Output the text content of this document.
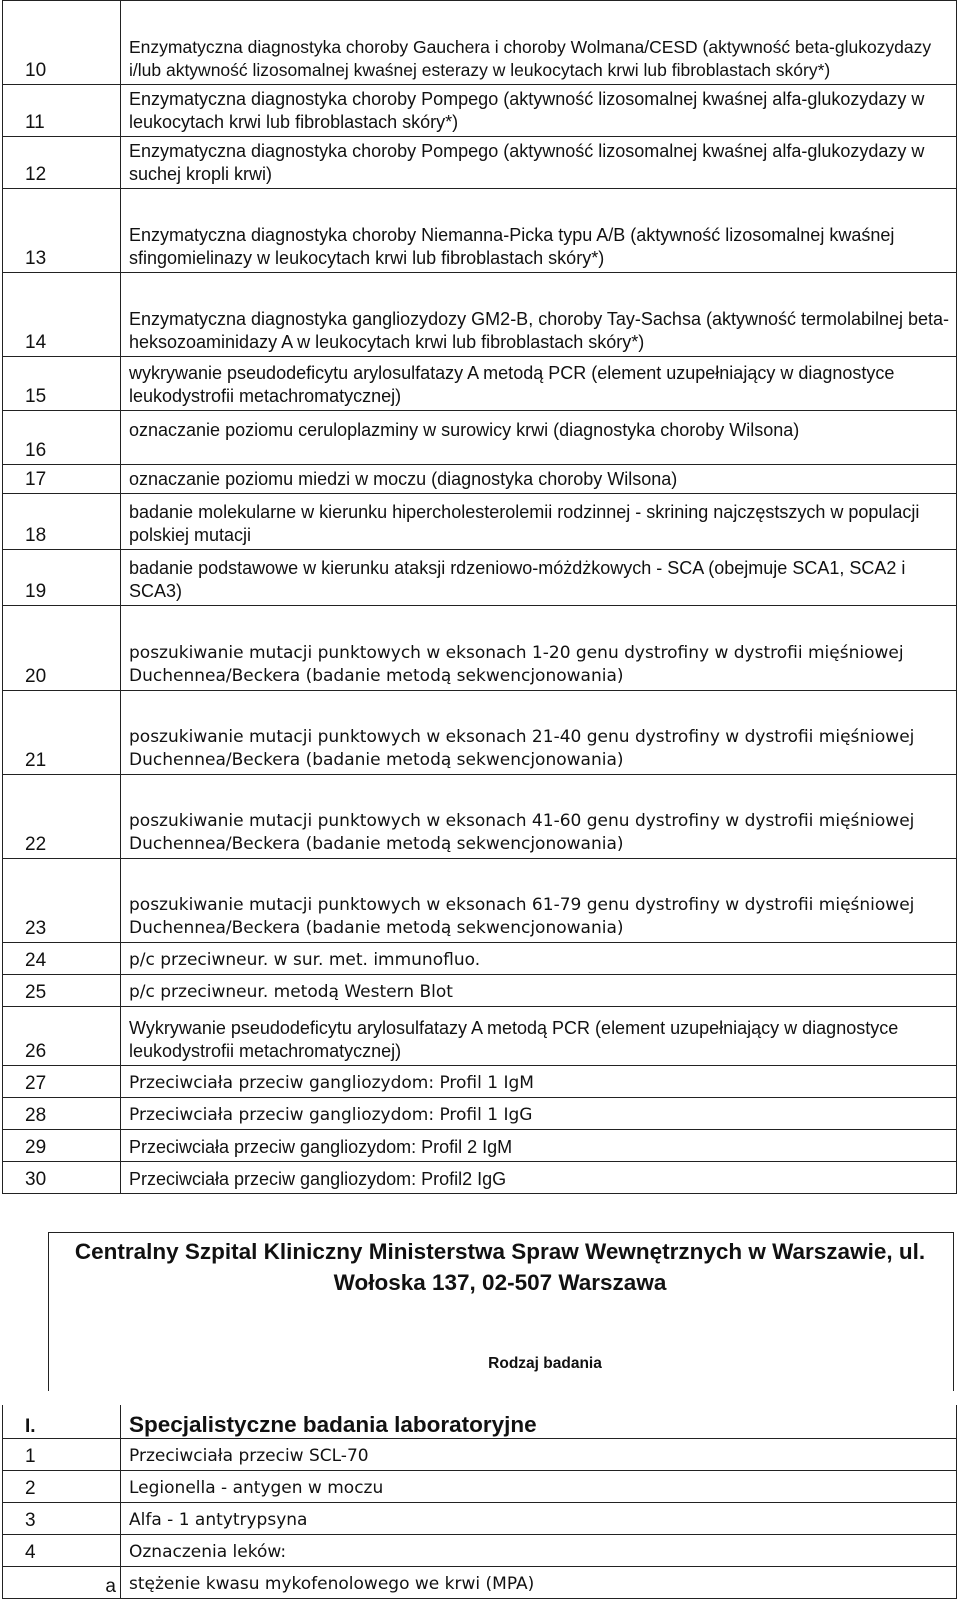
10	Enzymatyczna diagnostyka choroby Gauchera i choroby Wolmana/CESD (aktywność beta-glukozydazy i/lub aktywność lizosomalnej kwaśnej esterazy w leukocytach krwi lub fibroblastach skóry*)
11	Enzymatyczna diagnostyka choroby Pompego (aktywność lizosomalnej kwaśnej alfa-glukozydazy w leukocytach krwi lub fibroblastach skóry*)
12	Enzymatyczna diagnostyka choroby Pompego (aktywność lizosomalnej kwaśnej alfa-glukozydazy w suchej kropli krwi)
13	Enzymatyczna diagnostyka choroby Niemanna-Picka typu A/B (aktywność lizosomalnej kwaśnej sfingomielinazy w leukocytach krwi lub fibroblastach skóry*)
14	Enzymatyczna diagnostyka gangliozydozy GM2-B, choroby Tay-Sachsa (aktywność termolabilnej beta-heksozoaminidazy A w leukocytach krwi lub fibroblastach skóry*)
15	wykrywanie pseudodeficytu arylosulfatazy A metodą PCR (element uzupełniający w diagnostyce leukodystrofii metachromatycznej)
16	oznaczanie poziomu ceruloplazminy w surowicy krwi (diagnostyka choroby Wilsona)
17	oznaczanie poziomu miedzi w moczu (diagnostyka choroby Wilsona)
18	badanie molekularne w kierunku hipercholesterolemii rodzinnej - skrining najczęstszych w populacji polskiej mutacji
19	badanie podstawowe w kierunku ataksji rdzeniowo-móżdżkowych - SCA (obejmuje SCA1, SCA2 i SCA3)
20	poszukiwanie mutacji punktowych w eksonach 1-20 genu dystrofiny w dystrofii mięśniowej Duchennea/Beckera (badanie metodą sekwencjonowania)
21	poszukiwanie mutacji punktowych w eksonach 21-40 genu dystrofiny w dystrofii mięśniowej Duchennea/Beckera (badanie metodą sekwencjonowania)
22	poszukiwanie mutacji punktowych w eksonach 41-60 genu dystrofiny w dystrofii mięśniowej Duchennea/Beckera (badanie metodą sekwencjonowania)
23	poszukiwanie mutacji punktowych w eksonach 61-79 genu dystrofiny w dystrofii mięśniowej Duchennea/Beckera (badanie metodą sekwencjonowania)
24	p/c przeciwneur. w sur. met. immunofluo.
25	p/c przeciwneur. metodą Western Blot
26	Wykrywanie pseudodeficytu arylosulfatazy A metodą PCR (element uzupełniający w diagnostyce leukodystrofii metachromatycznej)
27	Przeciwciała przeciw gangliozydom: Profil 1 IgM
28	Przeciwciała przeciw gangliozydom: Profil 1 IgG
29	Przeciwciała przeciw gangliozydom: Profil 2 IgM
30	Przeciwciała przeciw gangliozydom: Profil2 IgG
Centralny Szpital Kliniczny Ministerstwa Spraw Wewnętrznych w Warszawie, ul. Wołoska 137, 02-507 Warszawa
Rodzaj badania
I.	Specjalistyczne badania laboratoryjne
1	Przeciwciała przeciw SCL-70
2	Legionella - antygen w moczu
3	Alfa - 1 antytrypsyna
4	Oznaczenia leków:
a	stężenie kwasu mykofenolowego we krwi (MPA)
